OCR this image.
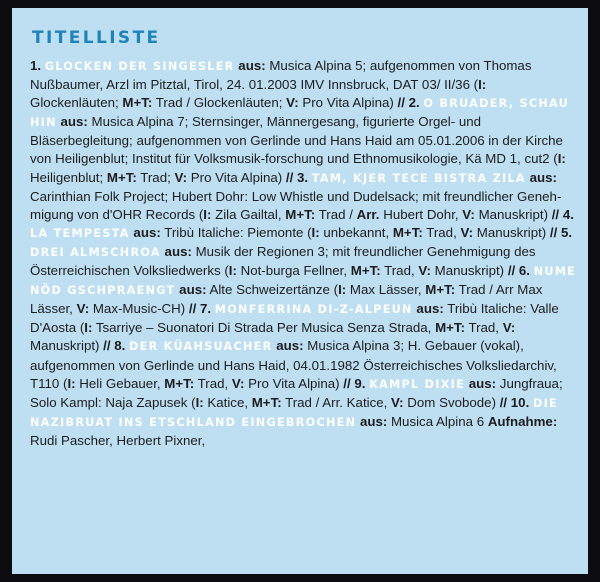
TITELLISTE

1. GLOCKEN DER SINGESLER aus: Musica Alpina 5; aufgenommen von Thomas Nußbaumer, Arzl im Pitztal, Tirol, 24. 01.2003 IMV Innsbruck, DAT 03/ II/36 (I: Glockenläuten; M+T: Trad / Glockenläuten; V: Pro Vita Alpina) // 2. O BRUADER, SCHAU HIN aus: Musica Alpina 7; Sternsinger, Männergesang, figurierte Orgel- und Bläserbegleitung; aufgenommen von Gerlinde und Hans Haid am 05.01.2006 in der Kirche von Heiligenblut; Institut für Volksmusik-forschung und Ethnomusikologie, Kä MD 1, cut2 (I: Heiligenblut; M+T: Trad; V: Pro Vita Alpina) // 3. TAM, KJER TECE BISTRA ZILA aus: Carinthian Folk Project; Hubert Dohr: Low Whistle und Dudelsack; mit freundlicher Geneh-migung von d'OHR Records (I: Zila Gailtal, M+T: Trad / Arr. Hubert Dohr, V: Manuskript) // 4. LA TEMPESTA aus: Tribù Italiche: Piemonte (I: unbekannt, M+T: Trad, V: Manuskript) // 5. DREI ALMSCHROA aus: Musik der Regionen 3; mit freundlicher Genehmigung des Österreichischen Volksliedwerks (I: Not-burga Fellner, M+T: Trad, V: Manuskript) // 6. NUME NÖD GSCHPRAENGT aus: Alte Schweizertänze (I: Max Lässer, M+T: Trad / Arr Max Lässer, V: Max-Music-CH) // 7. MONFERRINA DI-Z-ALPEUN aus: Tribù Italiche: Valle D'Aosta (I: Tsarriye – Suonatori Di Strada Per Musica Senza Strada, M+T: Trad, V: Manuskript) // 8. DER KÜAHSUACHER aus: Musica Alpina 3; H. Gebauer (vokal), aufgenommen von Gerlinde und Hans Haid, 04.01.1982 Österreichisches Volksliedarchiv, T110 (I: Heli Gebauer, M+T: Trad, V: Pro Vita Alpina) // 9. KAMPL DIXIE aus: Jungfraua; Solo Kampl: Naja Zapusek (I: Katice, M+T: Trad / Arr. Katice, V: Dom Svobode) // 10. DIE NAZIBRUAT INS ETSCHLAND EINGEBROCHEN aus: Musica Alpina 6 Aufnahme: Rudi Pascher, Herbert Pixner,
